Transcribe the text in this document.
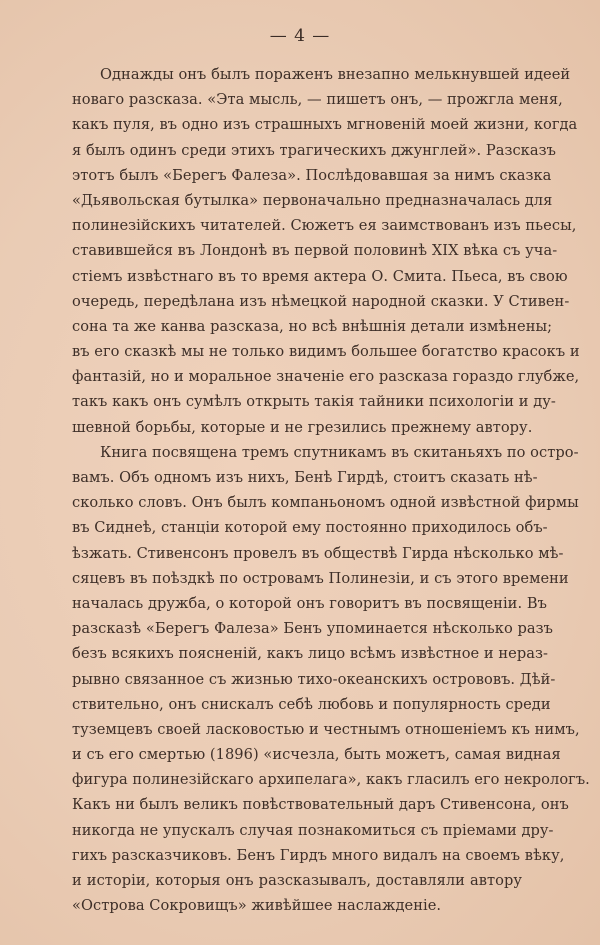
— 4 —
Однажды онъ былъ пораженъ внезапно мелькнувшей идеей
новаго разсказа. «Эта мысль, — пишетъ онъ, — прожгла меня,
какъ пуля, въ одно изъ страшныхъ мгновеній моей жизни, когда
я былъ одинъ среди этихъ трагическихъ джунглей». Разсказъ
этотъ былъ «Берегъ Фалеза». Послѣдовавшая за нимъ сказка
«Дьявольская бутылка» первоначально предназначалась для
полинезійскихъ читателей. Сюжетъ ея заимствованъ изъ пьесы,
ставившейся въ Лондонѣ въ первой половинѣ XIX вѣка съ уча-
стіемъ извѣстнаго въ то время актера О. Смита. Пьеса, въ свою
очередь, передѣлана изъ нѣмецкой народной сказки. У Стивен-
сона та же канва разсказа, но всѣ внѣшнія детали измѣнены;
въ его сказкѣ мы не только видимъ большее богатство красокъ и
фантазій, но и моральное значеніе его разсказа гораздо глубже,
такъ какъ онъ сумѣлъ открыть такія тайники психологіи и ду-
шевной борьбы, которые и не грезились прежнему автору.
Книга посвящена тремъ спутникамъ въ скитаньяхъ по остро-
вамъ. Объ одномъ изъ нихъ, Бенѣ Гирдѣ, стоитъ сказать нѣ-
сколько словъ. Онъ былъ компаньономъ одной извѣстной фирмы
въ Сиднеѣ, станціи которой ему постоянно приходилось объ-
ѣзжать. Стивенсонъ провелъ въ обществѣ Гирда нѣсколько мѣ-
сяцевъ въ поѣздкѣ по островамъ Полинезіи, и съ этого времени
началась дружба, о которой онъ говоритъ въ посвященіи. Въ
разсказѣ «Берегъ Фалеза» Бенъ упоминается нѣсколько разъ
безъ всякихъ поясненій, какъ лицо всѣмъ извѣстное и нераз-
рывно связанное съ жизнью тихо-океанскихъ острововъ. Дѣй-
ствительно, онъ снискалъ себѣ любовь и популярность среди
туземцевъ своей ласковостью и честнымъ отношеніемъ къ нимъ,
и съ его смертью (1896) «исчезла, быть можетъ, самая видная
фигура полинезійскаго архипелага», какъ гласилъ его некрологъ.
Какъ ни былъ великъ повѣствовательный даръ Стивенсона, онъ
никогда не упускалъ случая познакомиться съ пріемами дру-
гихъ разсказчиковъ. Бенъ Гирдъ много видалъ на своемъ вѣку,
и исторіи, которыя онъ разсказывалъ, доставляли автору
«Острова Сокровищъ» живѣйшее наслажденіе.
